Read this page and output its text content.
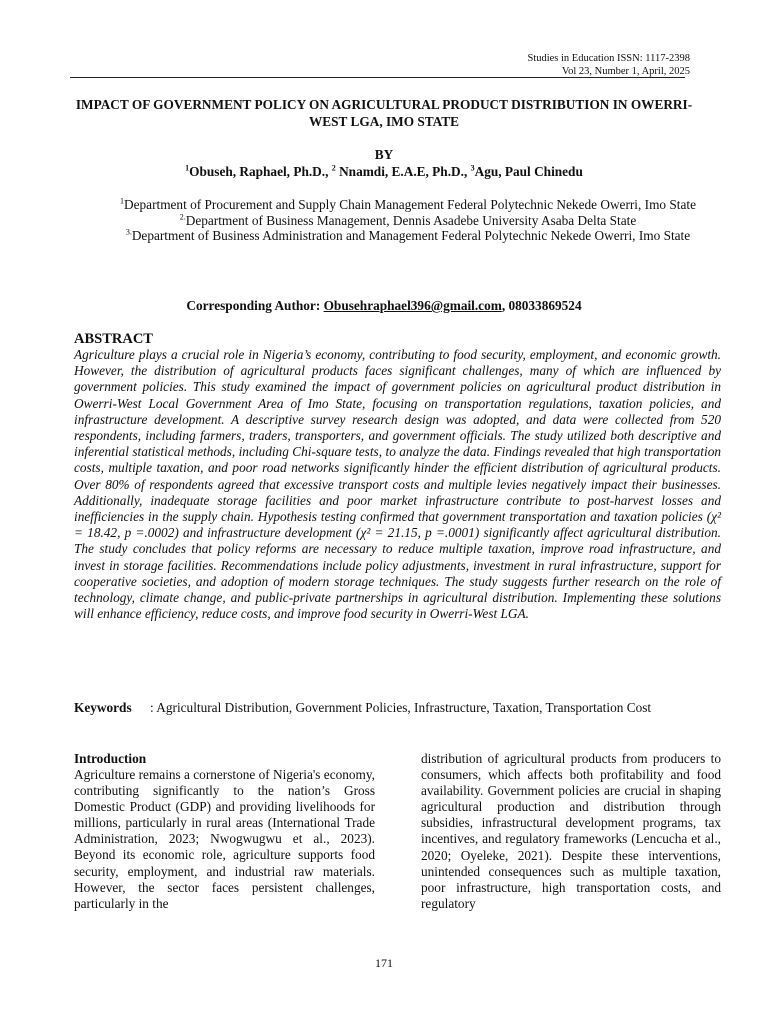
Studies in Education ISSN: 1117-2398
Vol 23, Number 1, April, 2025
IMPACT OF GOVERNMENT POLICY ON AGRICULTURAL PRODUCT DISTRIBUTION IN OWERRI-WEST LGA, IMO STATE
BY
$^1$Obuseh, Raphael, Ph.D., $^2$ Nnamdi, E.A.E, Ph.D., $^3$Agu, Paul Chinedu

$^1$Department of Procurement and Supply Chain Management Federal Polytechnic Nekede Owerri, Imo State

$^{2.}$Department of Business Management, Dennis Asadebe University Asaba Delta State

$^{3.}$Department of Business Administration and Management Federal Polytechnic Nekede Owerri, Imo State

Corresponding Author: Obusehraphael396@gmail.com, 08033869524
ABSTRACT

Agriculture plays a crucial role in Nigeria’s economy, contributing to food security, employment, and economic growth. However, the distribution of agricultural products faces significant challenges, many of which are influenced by government policies. This study examined the impact of government policies on agricultural product distribution in Owerri-West Local Government Area of Imo State, focusing on transportation regulations, taxation policies, and infrastructure development. A descriptive survey research design was adopted, and data were collected from 520 respondents, including farmers, traders, transporters, and government officials. The study utilized both descriptive and inferential statistical methods, including Chi-square tests, to analyze the data. Findings revealed that high transportation costs, multiple taxation, and poor road networks significantly hinder the efficient distribution of agricultural products. Over 80% of respondents agreed that excessive transport costs and multiple levies negatively impact their businesses. Additionally, inadequate storage facilities and poor market infrastructure contribute to post-harvest losses and inefficiencies in the supply chain. Hypothesis testing confirmed that government transportation and taxation policies (χ² = 18.42, p =.0002) and infrastructure development (χ² = 21.15, p =.0001) significantly affect agricultural distribution. The study concludes that policy reforms are necessary to reduce multiple taxation, improve road infrastructure, and invest in storage facilities. Recommendations include policy adjustments, investment in rural infrastructure, support for cooperative societies, and adoption of modern storage techniques. The study suggests further research on the role of technology, climate change, and public-private partnerships in agricultural distribution. Implementing these solutions will enhance efficiency, reduce costs, and improve food security in Owerri-West LGA.

Keywords	: Agricultural Distribution, Government Policies, Infrastructure, Taxation, Transportation Cost
Introduction

Agriculture remains a cornerstone of Nigeria's economy, contributing significantly to the nation’s Gross Domestic Product (GDP) and providing livelihoods for millions, particularly in rural areas (International Trade Administration, 2023; Nwogwugwu et al., 2023). Beyond its economic role, agriculture supports food security, employment, and industrial raw materials. However, the sector faces persistent challenges, particularly in the

distribution of agricultural products from producers to consumers, which affects both profitability and food availability. Government policies are crucial in shaping agricultural production and distribution through subsidies, infrastructural development programs, tax incentives, and regulatory frameworks (Lencucha et al., 2020; Oyeleke, 2021). Despite these interventions, unintended consequences such as multiple taxation, poor infrastructure, high transportation costs, and regulatory

171
